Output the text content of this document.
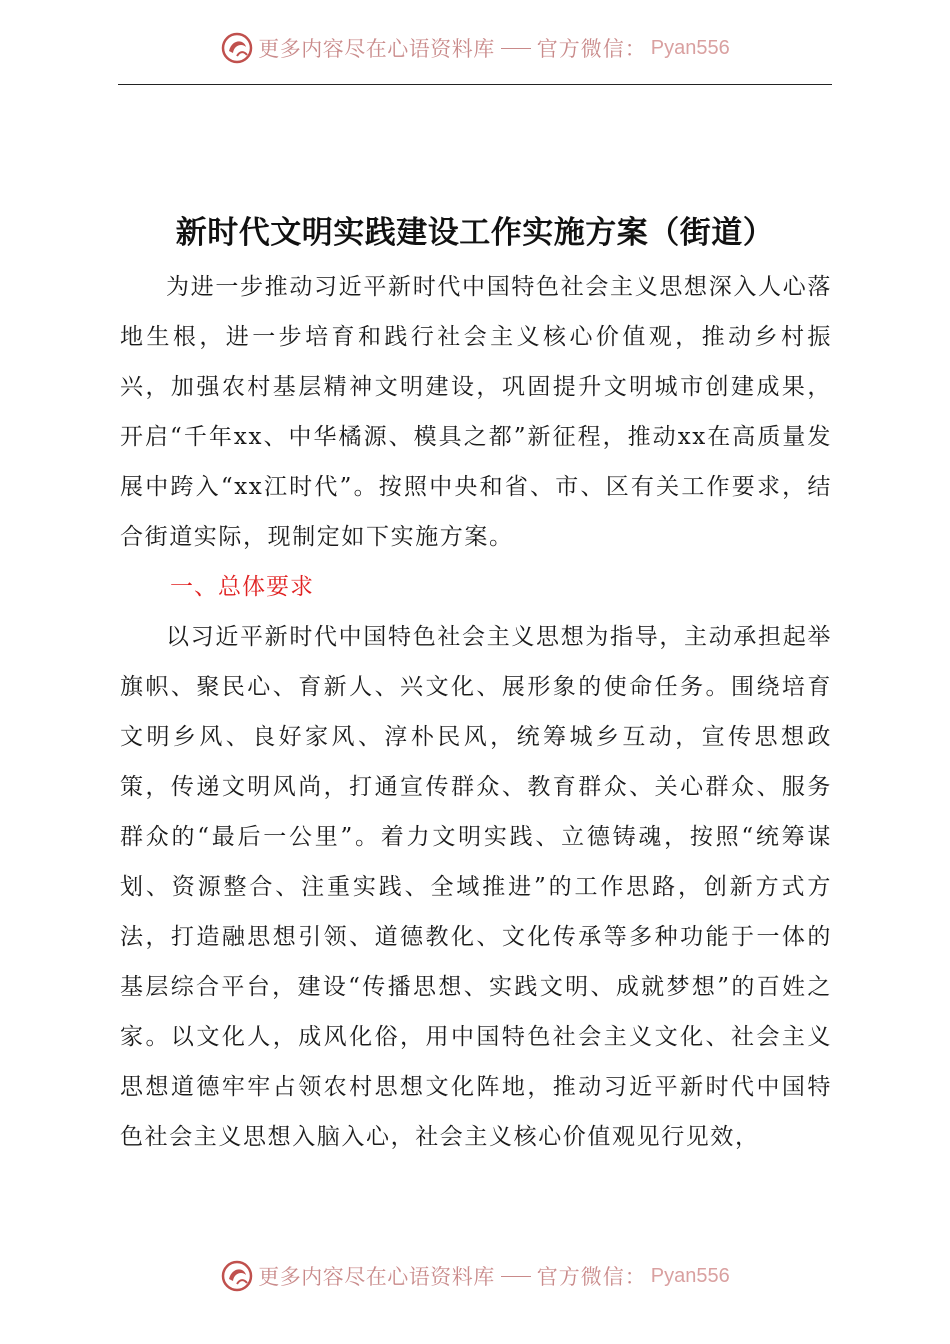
更多内容尽在心语资料库 官方微信： Pyan556
新时代文明实践建设工作实施方案（街道）

为进一步推动习近平新时代中国特色社会主义思想深入人心落地生根，进一步培育和践行社会主义核心价值观，推动乡村振兴，加强农村基层精神文明建设，巩固提升文明城市创建成果，开启“千年xx、中华橘源、模具之都”新征程，推动xx在高质量发展中跨入“xx江时代”。按照中央和省、市、区有关工作要求，结合街道实际，现制定如下实施方案。

一、总体要求

以习近平新时代中国特色社会主义思想为指导，主动承担起举旗帜、聚民心、育新人、兴文化、展形象的使命任务。围绕培育文明乡风、良好家风、淳朴民风，统筹城乡互动，宣传思想政策，传递文明风尚，打通宣传群众、教育群众、关心群众、服务群众的“最后一公里”。着力文明实践、立德铸魂，按照“统筹谋划、资源整合、注重实践、全域推进”的工作思路，创新方式方法，打造融思想引领、道德教化、文化传承等多种功能于一体的基层综合平台，建设“传播思想、实践文明、成就梦想”的百姓之家。以文化人，成风化俗，用中国特色社会主义文化、社会主义思想道德牢牢占领农村思想文化阵地，推动习近平新时代中国特色社会主义思想入脑入心，社会主义核心价值观见行见效，

更多内容尽在心语资料库 官方微信： Pyan556
